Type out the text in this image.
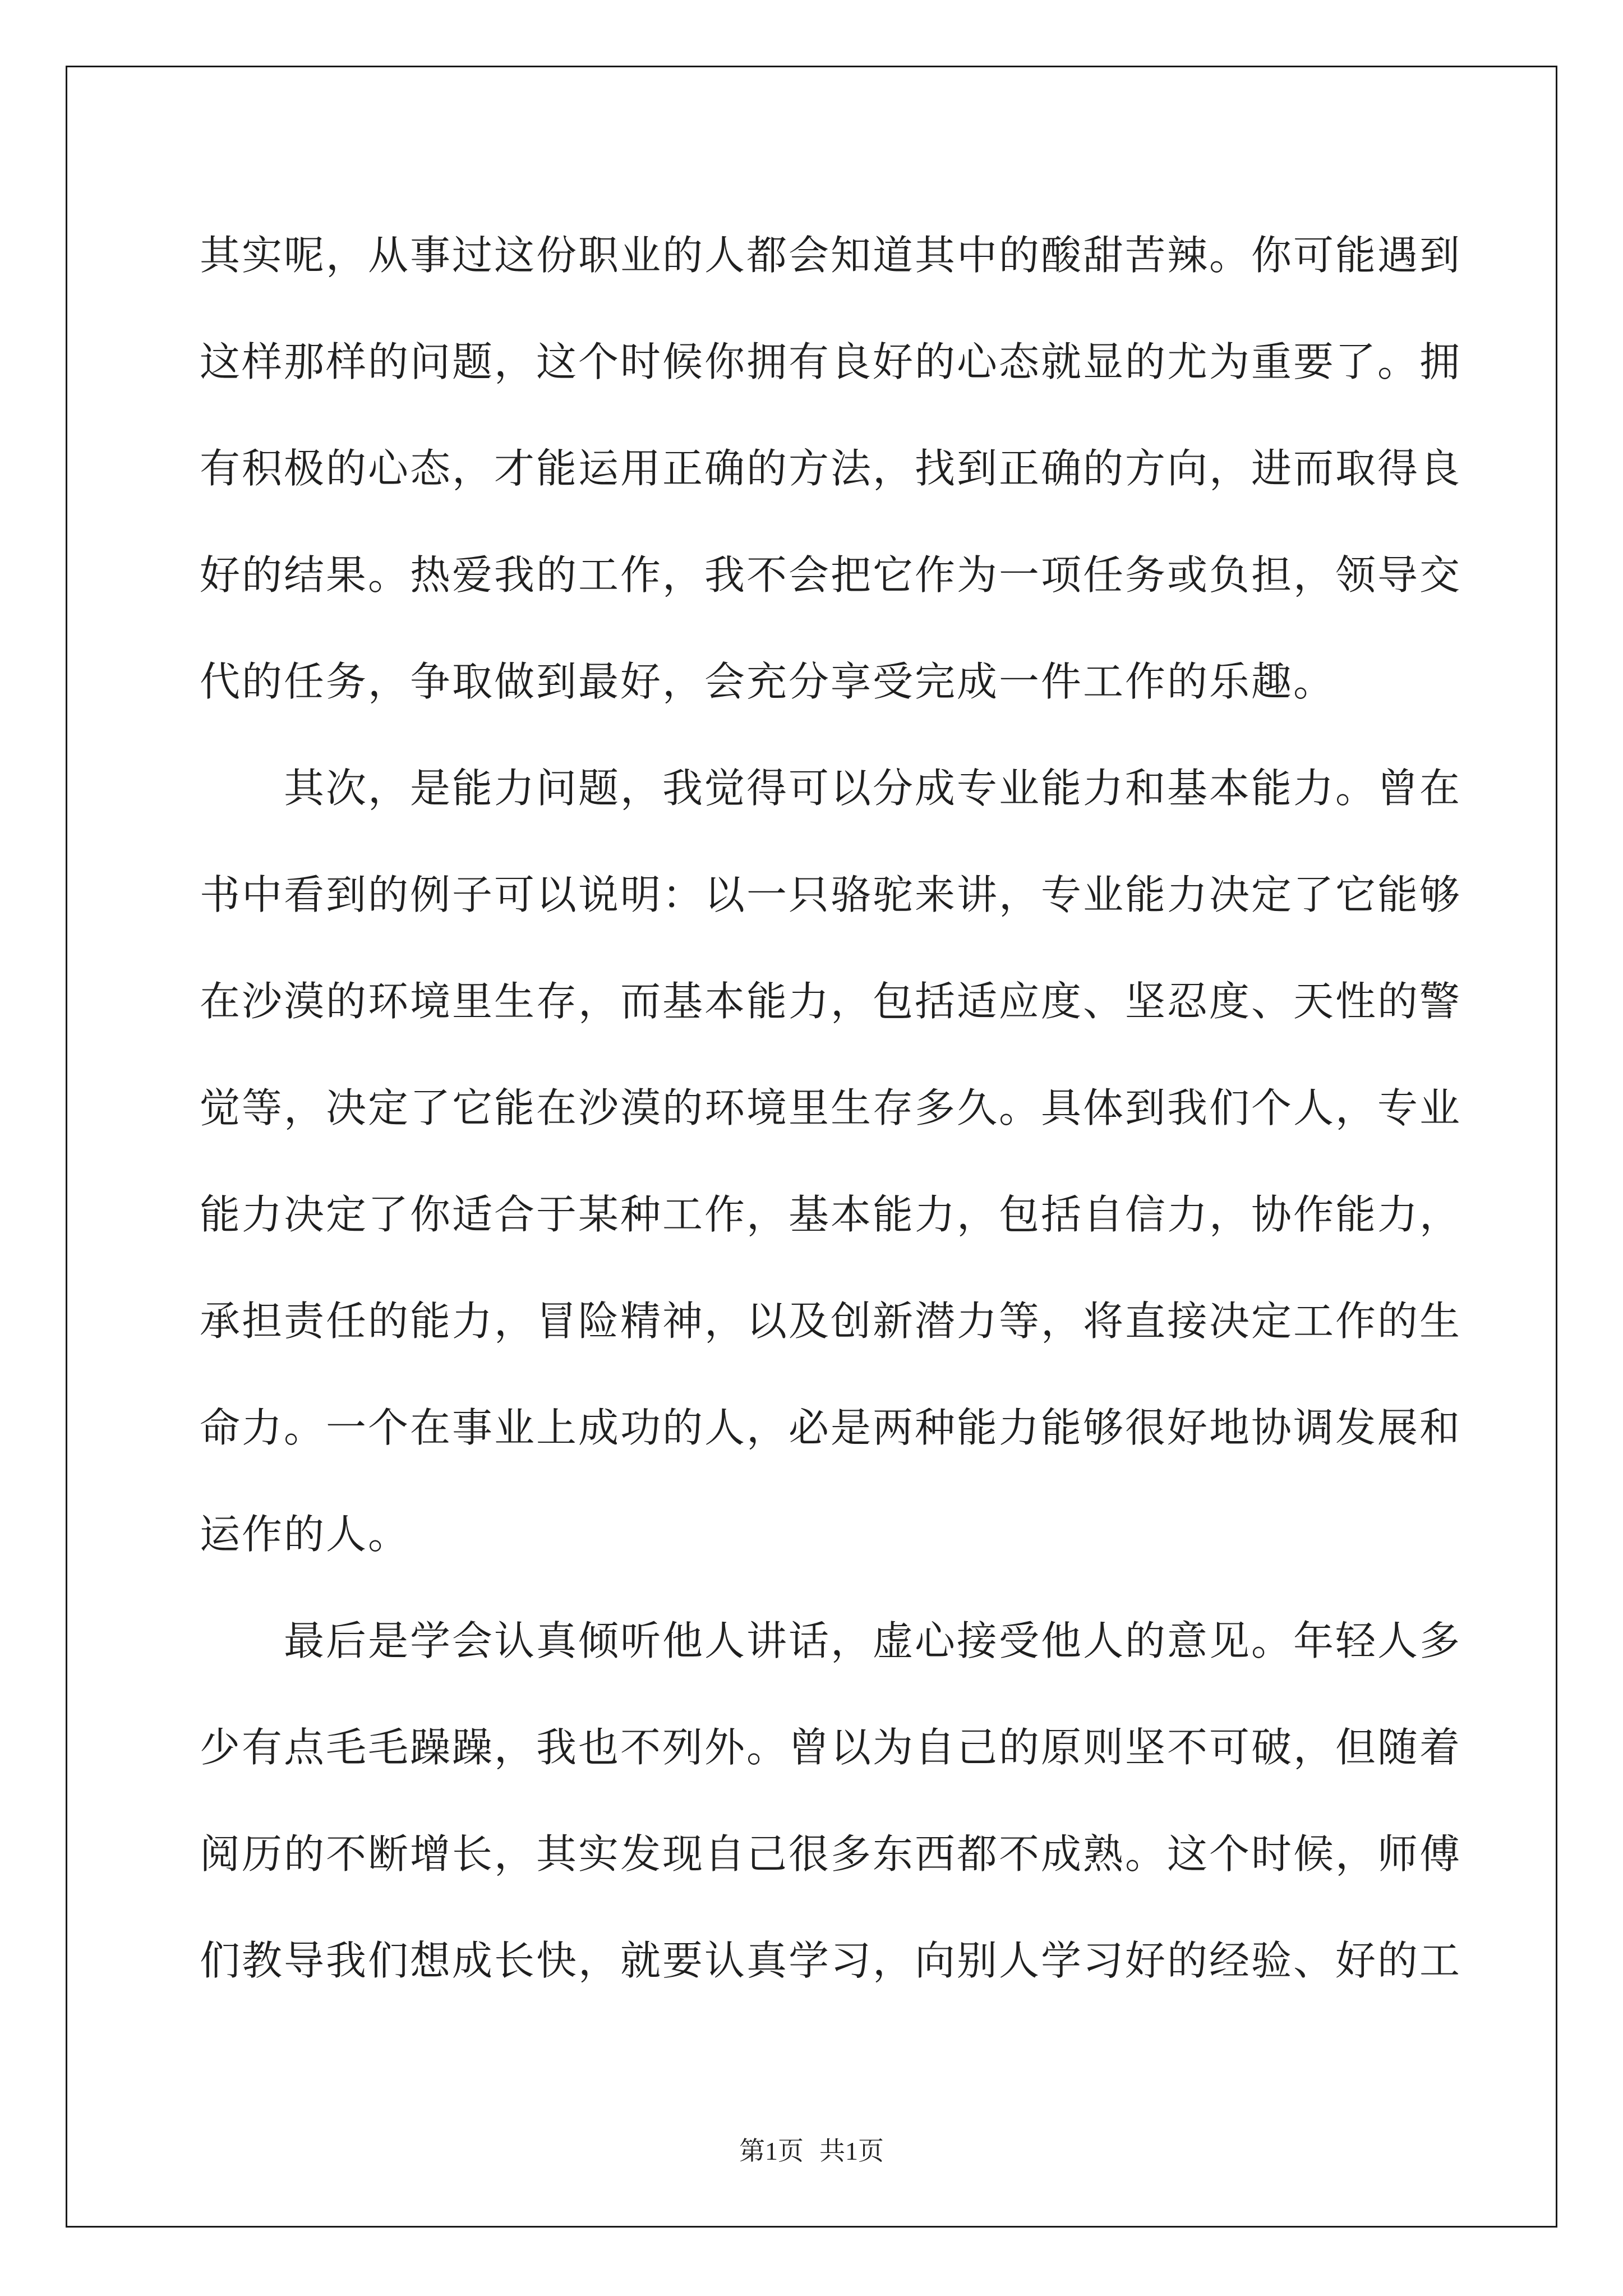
其实呢，从事过这份职业的人都会知道其中的酸甜苦辣。你可能遇到
这样那样的问题，这个时候你拥有良好的心态就显的尤为重要了。拥
有积极的心态，才能运用正确的方法，找到正确的方向，进而取得良
好的结果。热爱我的工作，我不会把它作为一项任务或负担，领导交
代的任务，争取做到最好，会充分享受完成一件工作的乐趣。
　　其次，是能力问题，我觉得可以分成专业能力和基本能力。曾在
书中看到的例子可以说明：以一只骆驼来讲，专业能力决定了它能够
在沙漠的环境里生存，而基本能力，包括适应度、坚忍度、天性的警
觉等，决定了它能在沙漠的环境里生存多久。具体到我们个人，专业
能力决定了你适合于某种工作，基本能力，包括自信力，协作能力，
承担责任的能力，冒险精神，以及创新潜力等，将直接决定工作的生
命力。一个在事业上成功的人，必是两种能力能够很好地协调发展和
运作的人。
　　最后是学会认真倾听他人讲话，虚心接受他人的意见。年轻人多
少有点毛毛躁躁，我也不列外。曾以为自己的原则坚不可破，但随着
阅历的不断增长，其实发现自己很多东西都不成熟。这个时候，师傅
们教导我们想成长快，就要认真学习，向别人学习好的经验、好的工
第1页 共1页
